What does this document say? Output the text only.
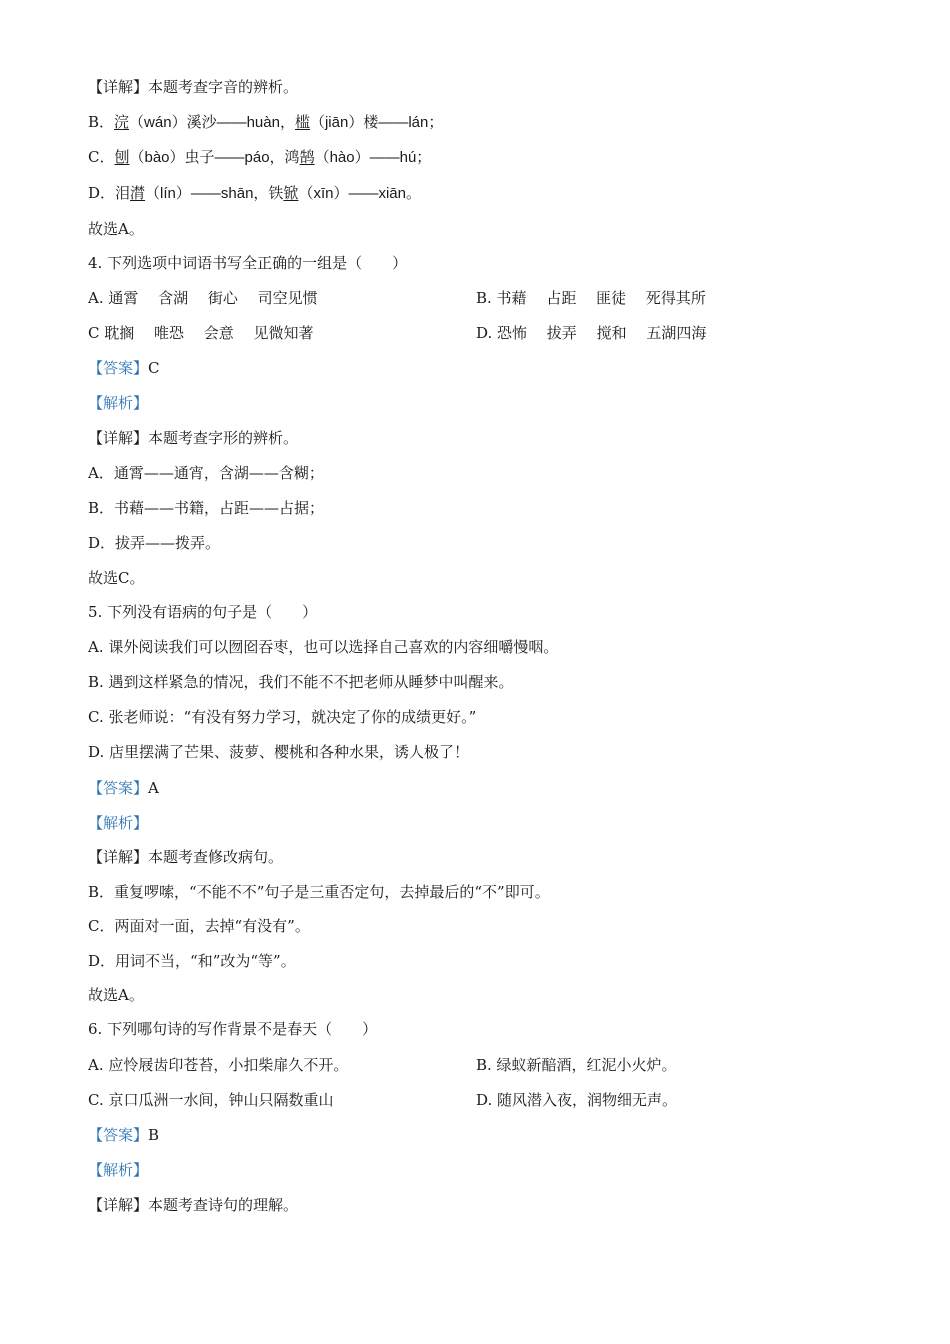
【详解】本题考查字音的辨析。
B．浣（wán）溪沙——huàn，槛（jiān）楼——lán；
C．刨（bào）虫子——páo，鸿鹄（hào）——hú；
D．泪潸（lín）——shān，铁锨（xīn）——xiān。
故选A。
4. 下列选项中词语书写全正确的一组是（　　）
A. 通霄　 含湖　 街心　 司空见惯	B. 书藉　 占距　 匪徒　 死得其所
C 耽搁　 唯恐　 会意　 见微知著	D. 恐怖　 拔弄　 搅和　 五湖四海
【答案】C
【解析】
【详解】本题考查字形的辨析。
A．通霄——通宵，含湖——含糊；
B．书藉——书籍，占距——占据；
D．拔弄——拨弄。
故选C。
5. 下列没有语病的句子是（　　）
A. 课外阅读我们可以囫囵吞枣，也可以选择自己喜欢的内容细嚼慢咽。
B. 遇到这样紧急的情况，我们不能不不把老师从睡梦中叫醒来。
C. 张老师说：“有没有努力学习，就决定了你的成绩更好。”
D. 店里摆满了芒果、菠萝、樱桃和各种水果，诱人极了！
【答案】A
【解析】
【详解】本题考查修改病句。
B．重复啰嗦，“不能不不”句子是三重否定句，去掉最后的“不”即可。
C．两面对一面，去掉“有没有”。
D．用词不当，“和”改为“等”。
故选A。
6. 下列哪句诗的写作背景不是春天（　　）
A. 应怜屐齿印苍苔，小扣柴扉久不开。	B. 绿蚁新醅酒，红泥小火炉。
C. 京口瓜洲一水间，钟山只隔数重山	D. 随风潜入夜，润物细无声。
【答案】B
【解析】
【详解】本题考查诗句的理解。
